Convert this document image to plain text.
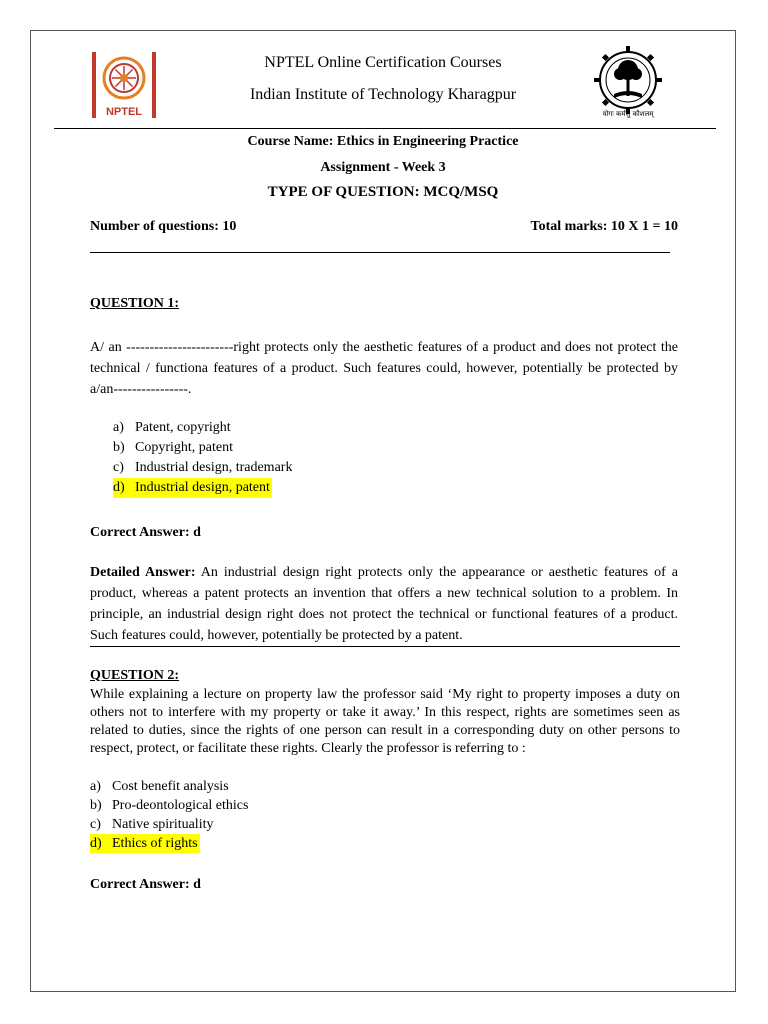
NPTEL
NPTEL Online Certification Courses
Indian Institute of Technology Kharagpur
योगः कर्मसु कौशलम्
Course Name: Ethics in Engineering Practice
Assignment - Week 3
TYPE OF QUESTION: MCQ/MSQ
Number of questions: 10	Total marks: 10 X 1 = 10
QUESTION 1:
A/ an -----------------------right protects only the aesthetic features of a product and does not protect the technical / functiona features of a product. Such features could, however, potentially be protected by a/an----------------.
a) Patent, copyright
b) Copyright, patent
c) Industrial design, trademark
d) Industrial design, patent
Correct Answer: d
Detailed Answer: An industrial design right protects only the appearance or aesthetic features of a product, whereas a patent protects an invention that offers a new technical solution to a problem. In principle, an industrial design right does not protect the technical or functional features of a product. Such features could, however, potentially be protected by a patent.
QUESTION 2:
While explaining a lecture on property law the professor said ‘My right to property imposes a duty on others not to interfere with my property or take it away.’ In this respect, rights are sometimes seen as related to duties, since the rights of one person can result in a corresponding duty on other persons to respect, protect, or facilitate these rights. Clearly the professor is referring to :
a) Cost benefit analysis
b) Pro-deontological ethics
c) Native spirituality
d) Ethics of rights
Correct Answer: d
